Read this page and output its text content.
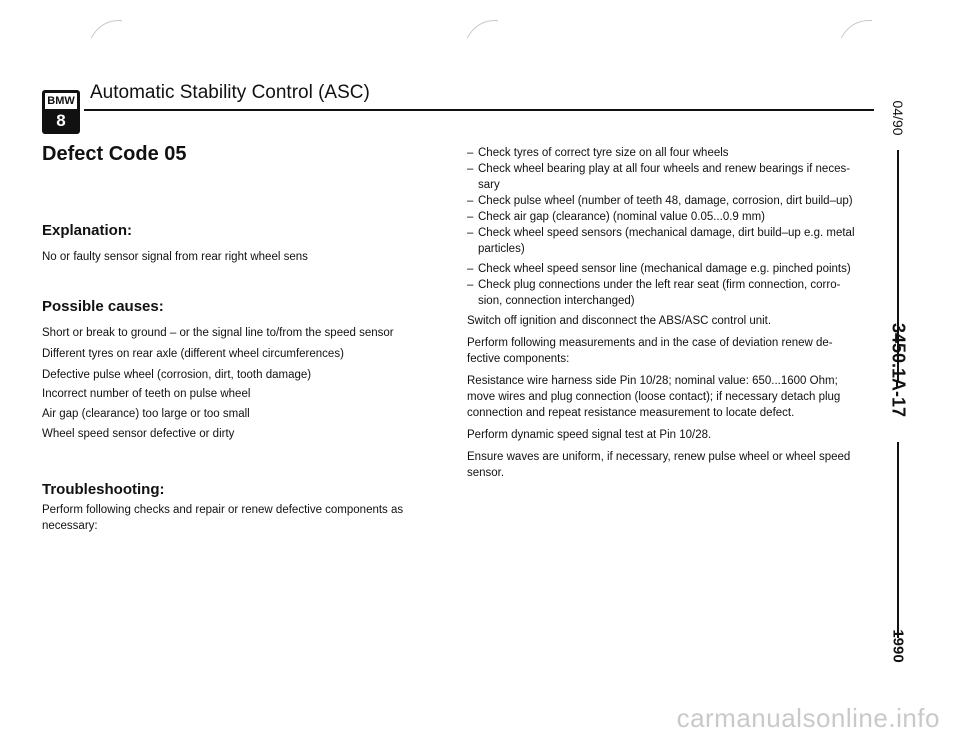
BMW
8
Automatic Stability Control (ASC)
Defect Code 05
Explanation:
No or faulty sensor signal from rear right wheel sens
Possible causes:
Short or break to ground – or the signal line to/from the speed sensor
Different tyres on rear axle (different wheel circumferences)
Defective pulse wheel (corrosion, dirt, tooth damage)
Incorrect number of teeth on pulse wheel
Air gap (clearance) too large or too small
Wheel speed sensor defective or dirty
Troubleshooting:
Perform following checks and repair or renew defective components as necessary:
– Check tyres of correct tyre size on all four wheels
– Check wheel bearing play at all four wheels and renew bearings if neces- sary
– Check pulse wheel (number of teeth 48, damage, corrosion, dirt build–up)
– Check air gap (clearance) (nominal value 0.05...0.9 mm)
– Check wheel speed sensors (mechanical damage, dirt build–up e.g. metal particles)
– Check wheel speed sensor line (mechanical damage e.g. pinched points)
– Check plug connections under the left rear seat (firm connection, corro- sion, connection interchanged)

Switch off ignition and disconnect the ABS/ASC control unit.

Perform following measurements and in the case of deviation renew de- fective components:

Resistance wire harness side Pin 10/28; nominal value: 650...1600 Ohm; move wires and plug connection (loose contact); if necessary detach plug connection and repeat resistance measurement to locate defect.

Perform dynamic speed signal test at Pin 10/28.

Ensure waves are uniform, if necessary, renew pulse wheel or wheel speed sensor.

04/90
3450.1A-17
1990
carmanualsonline.info
